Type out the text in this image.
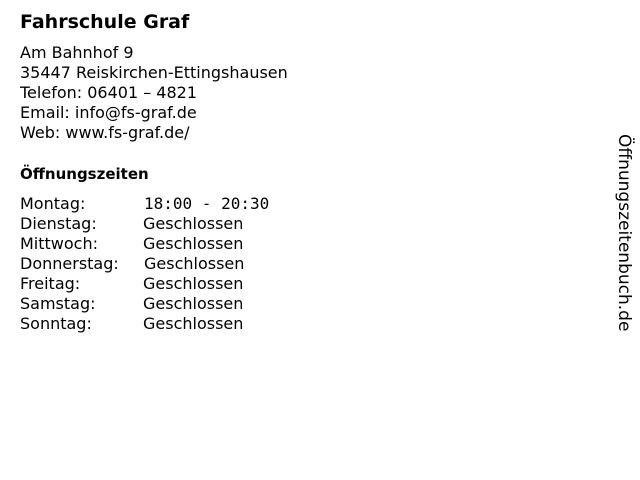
Fahrschule Graf
Am Bahnhof 9
35447 Reiskirchen-Ettingshausen
Telefon: 06401 – 4821
Email: info@fs-graf.de
Web: www.fs-graf.de/
Öffnungszeiten
Montag:	18:00 - 20:30
Dienstag:	Geschlossen
Mittwoch:	Geschlossen
Donnerstag: Geschlossen
Freitag:	Geschlossen
Samstag:	Geschlossen
Sonntag:	Geschlossen	Öffnungszeitenbuch.de
